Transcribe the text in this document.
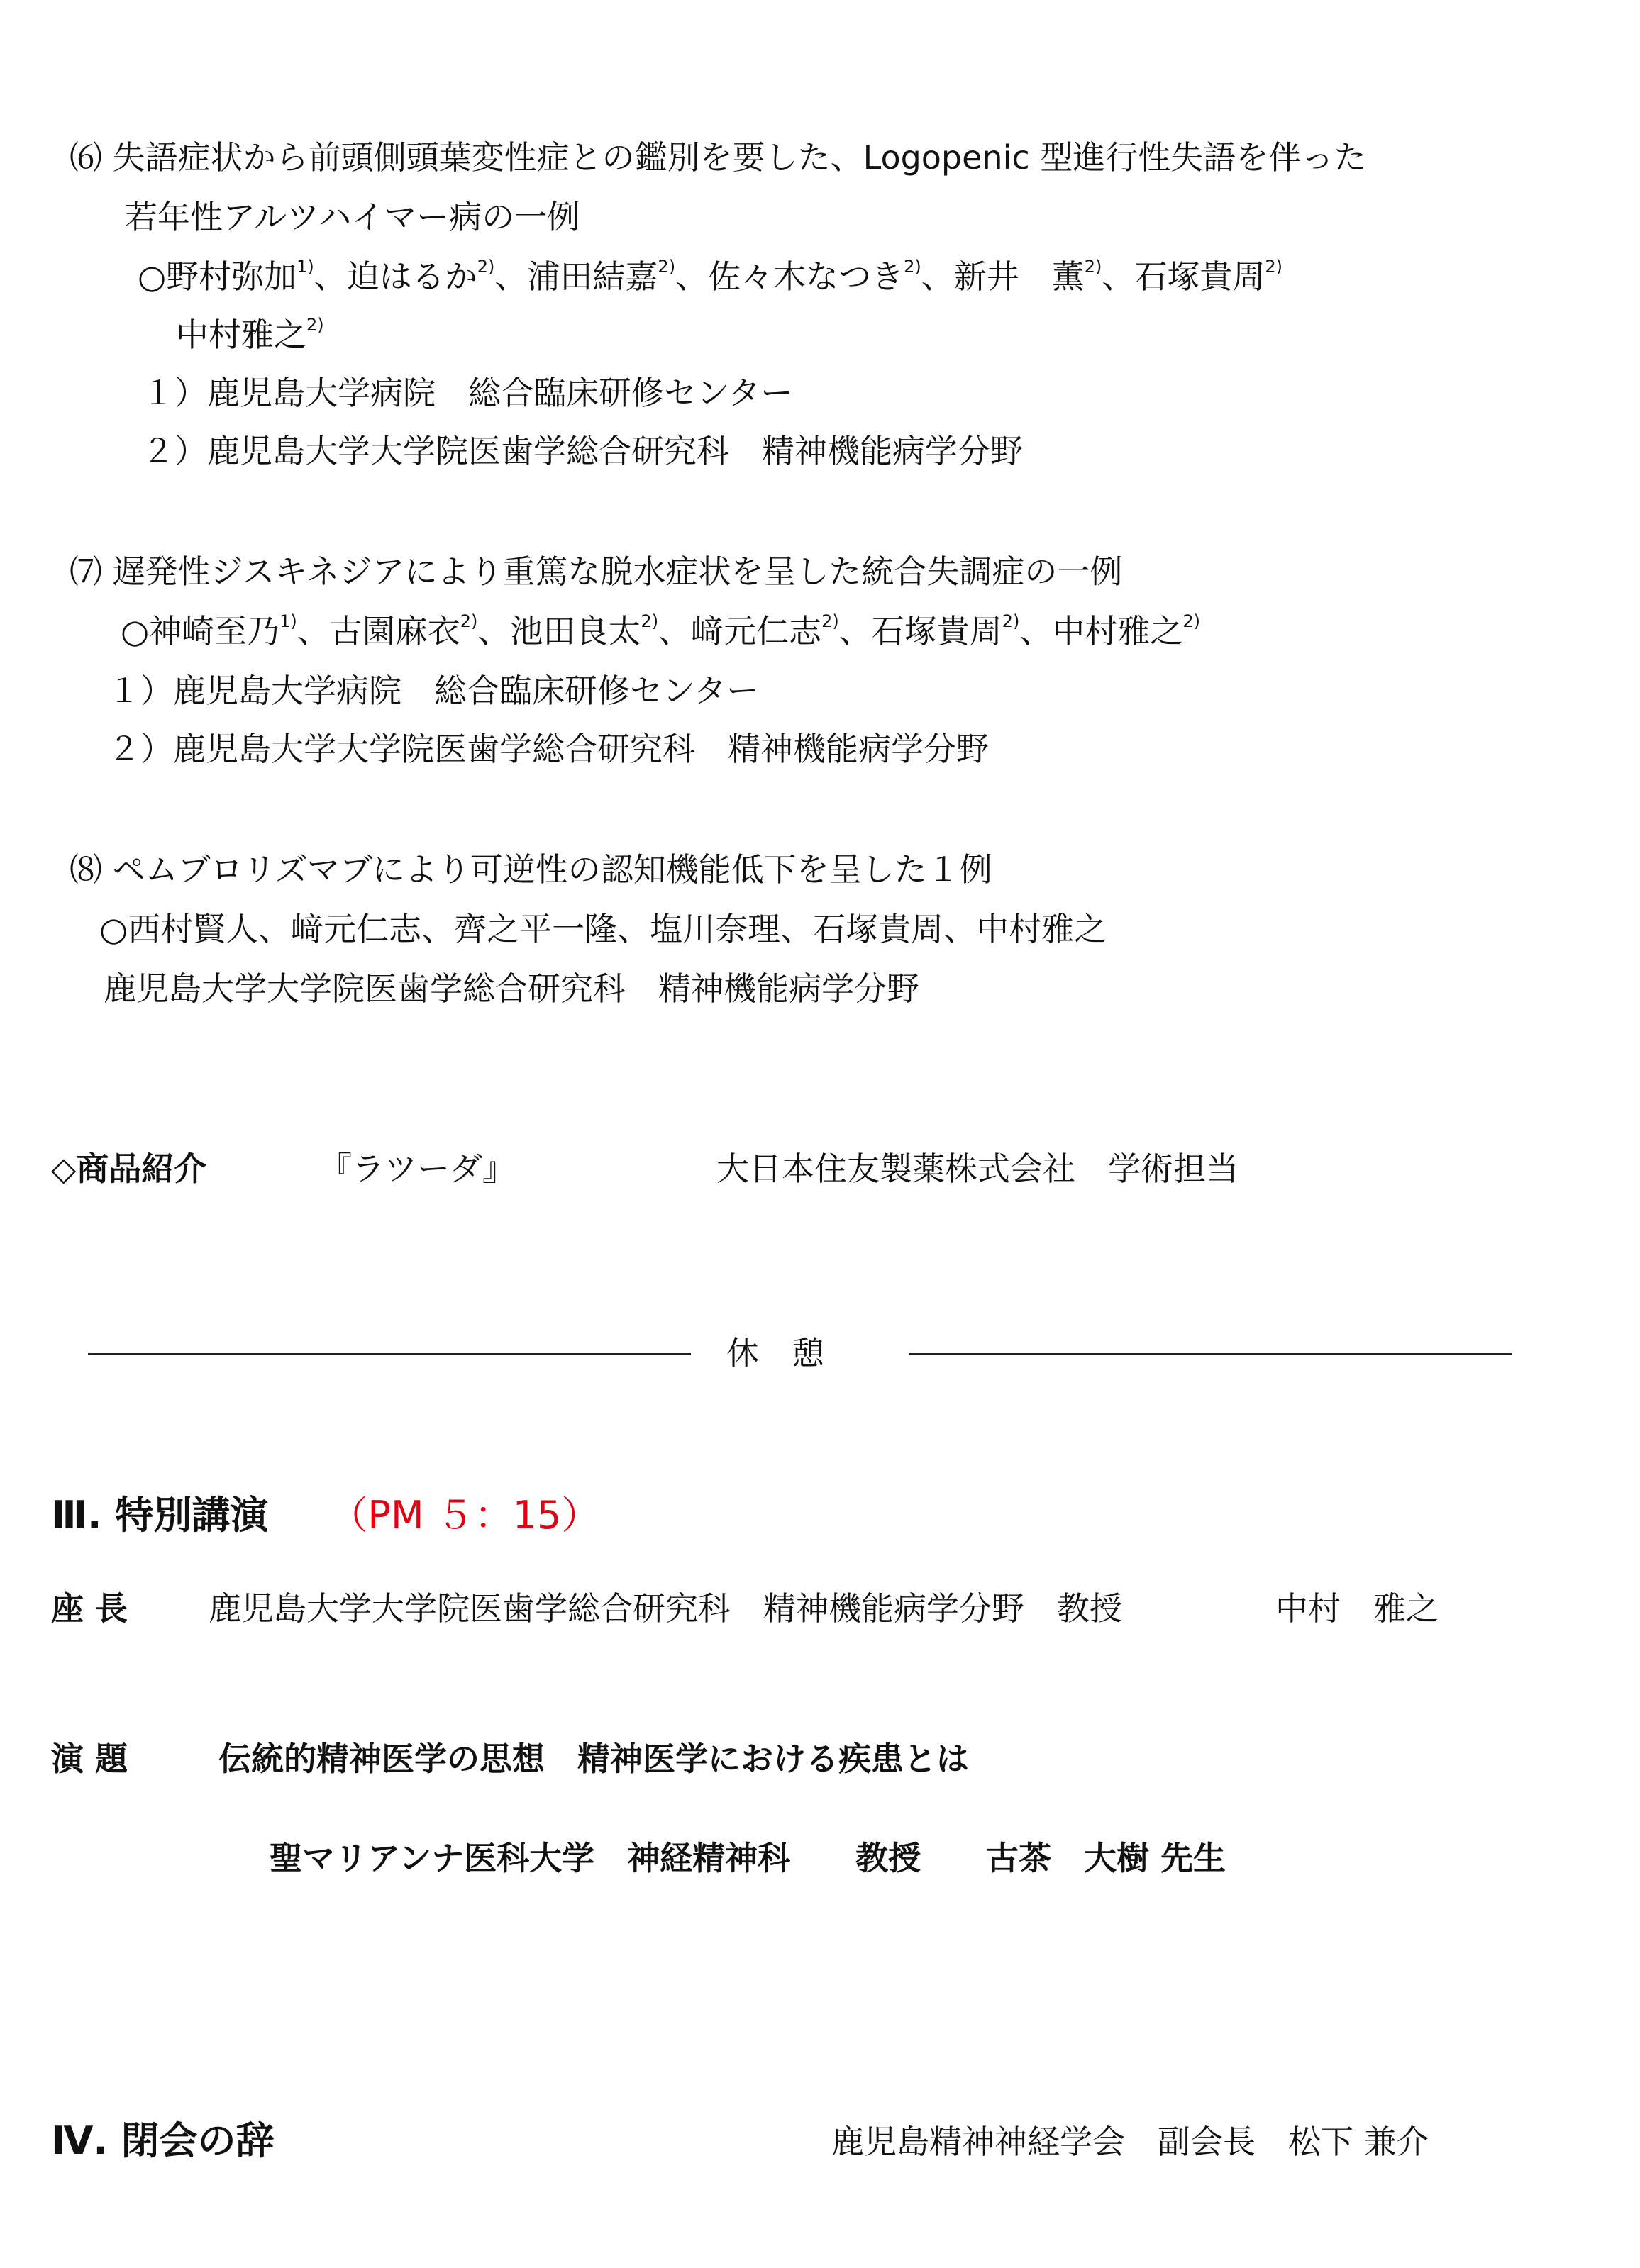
⑹ 失語症状から前頭側頭葉変性症との鑑別を要した、Logopenic 型進行性失語を伴った
若年性アルツハイマー病の一例
○野村弥加$^{1)}$、迫はるか$^{2)}$、浦田結嘉$^{2)}$、佐々木なつき$^{2)}$、新井　薫$^{2)}$、石塚貴周$^{2)}$
中村雅之$^{2)}$
１）鹿児島大学病院　総合臨床研修センター
２）鹿児島大学大学院医歯学総合研究科　精神機能病学分野
⑺ 遅発性ジスキネジアにより重篤な脱水症状を呈した統合失調症の一例
○神崎至乃$^{1)}$、古園麻衣$^{2)}$、池田良太$^{2)}$、﨑元仁志$^{2)}$、石塚貴周$^{2)}$、中村雅之$^{2)}$
１）鹿児島大学病院　総合臨床研修センター
２）鹿児島大学大学院医歯学総合研究科　精神機能病学分野
⑻ ペムブロリズマブにより可逆性の認知機能低下を呈した１例
○西村賢人、﨑元仁志、齊之平一隆、塩川奈理、石塚貴周、中村雅之
鹿児島大学大学院医歯学総合研究科　精神機能病学分野
◇商品紹介	『ラツーダ』	大日本住友製薬株式会社　学術担当
休　憩
Ⅲ. 特別講演 （PM ５：15）
座 長 鹿児島大学大学院医歯学総合研究科　精神機能病学分野　教授	中村　雅之
演 題	伝統的精神医学の思想　精神医学における疾患とは
聖マリアンナ医科大学　神経精神科　　教授　　古茶　大樹 先生
Ⅳ. 閉会の辞	鹿児島精神神経学会　副会長　松下 兼介
